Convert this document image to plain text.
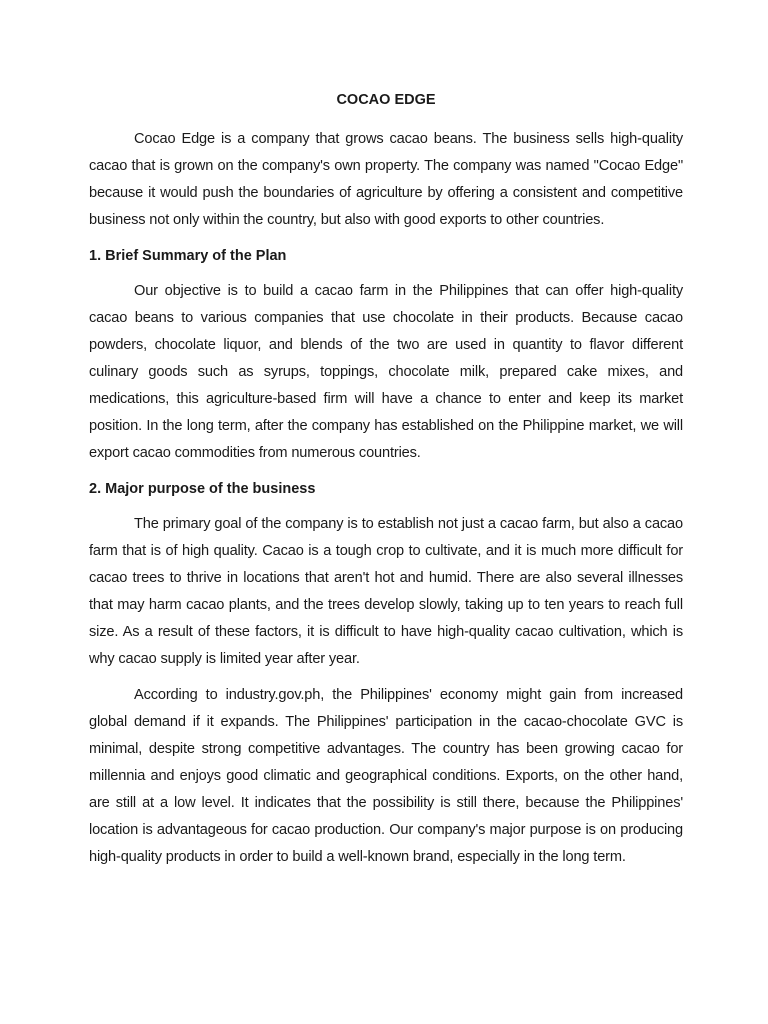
COCAO EDGE

Cocao Edge is a company that grows cacao beans. The business sells high-quality cacao that is grown on the company's own property. The company was named "Cocao Edge" because it would push the boundaries of agriculture by offering a consistent and competitive business not only within the country, but also with good exports to other countries.

1. Brief Summary of the Plan

Our objective is to build a cacao farm in the Philippines that can offer high-quality cacao beans to various companies that use chocolate in their products. Because cacao powders, chocolate liquor, and blends of the two are used in quantity to flavor different culinary goods such as syrups, toppings, chocolate milk, prepared cake mixes, and medications, this agriculture-based firm will have a chance to enter and keep its market position. In the long term, after the company has established on the Philippine market, we will export cacao commodities from numerous countries.

2. Major purpose of the business

The primary goal of the company is to establish not just a cacao farm, but also a cacao farm that is of high quality. Cacao is a tough crop to cultivate, and it is much more difficult for cacao trees to thrive in locations that aren't hot and humid. There are also several illnesses that may harm cacao plants, and the trees develop slowly, taking up to ten years to reach full size. As a result of these factors, it is difficult to have high-quality cacao cultivation, which is why cacao supply is limited year after year.

According to industry.gov.ph, the Philippines' economy might gain from increased global demand if it expands. The Philippines' participation in the cacao-chocolate GVC is minimal, despite strong competitive advantages. The country has been growing cacao for millennia and enjoys good climatic and geographical conditions. Exports, on the other hand, are still at a low level. It indicates that the possibility is still there, because the Philippines' location is advantageous for cacao production. Our company's major purpose is on producing high-quality products in order to build a well-known brand, especially in the long term.
